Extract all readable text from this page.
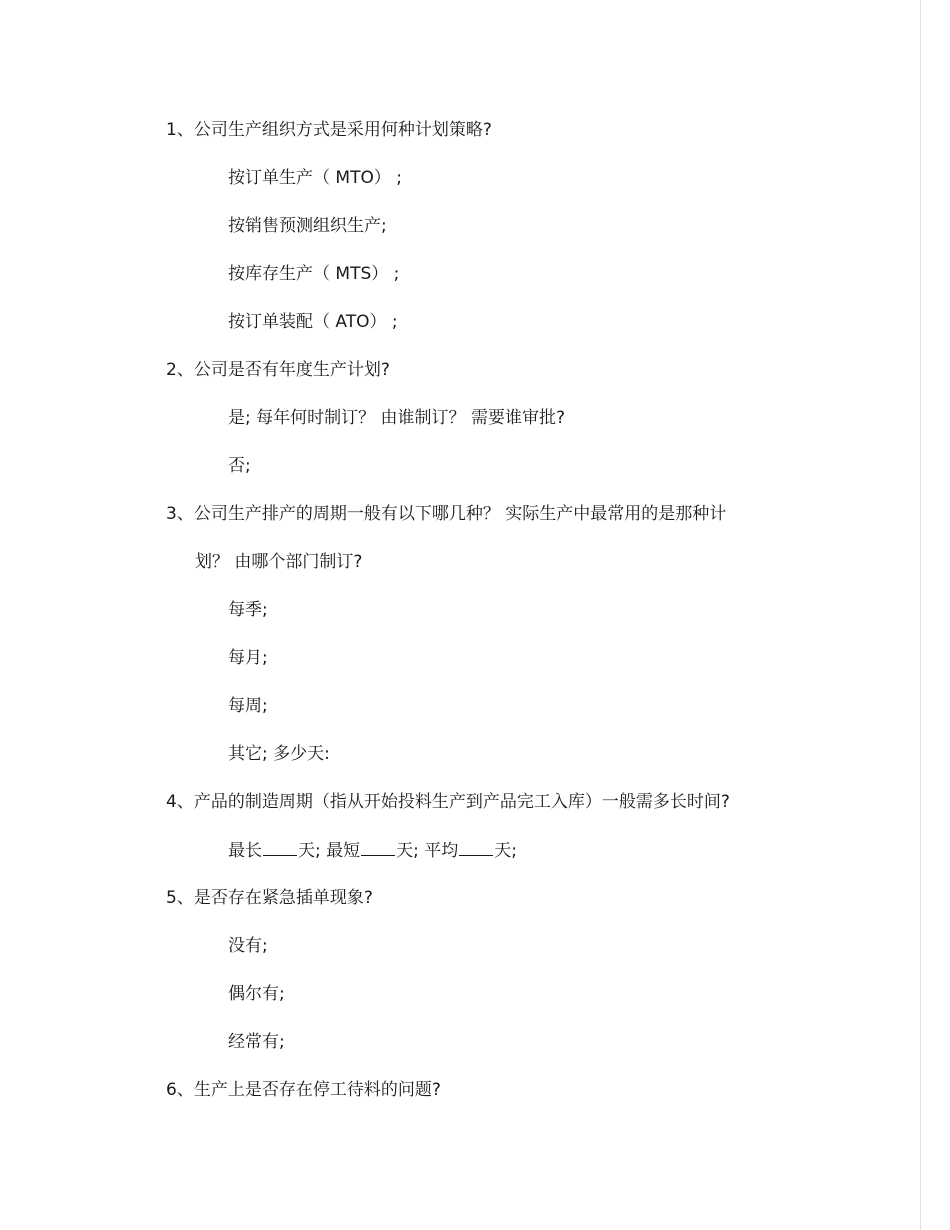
1、公司生产组织方式是采用何种计划策略?
按订单生产（ MTO） ;
按销售预测组织生产;
按库存生产（ MTS） ;
按订单装配（ ATO） ;
2、公司是否有年度生产计划?
是; 每年何时制订？ 由谁制订？ 需要谁审批?
否;
3、公司生产排产的周期一般有以下哪几种？ 实际生产中最常用的是那种计
划？ 由哪个部门制订?
每季;
每月;
每周;
其它; 多少天:
4、产品的制造周期（指从开始投料生产到产品完工入库）一般需多长时间?
最长 天; 最短 天; 平均 天;
5、是否存在紧急插单现象?
没有;
偶尔有;
经常有;
6、生产上是否存在停工待料的问题?
